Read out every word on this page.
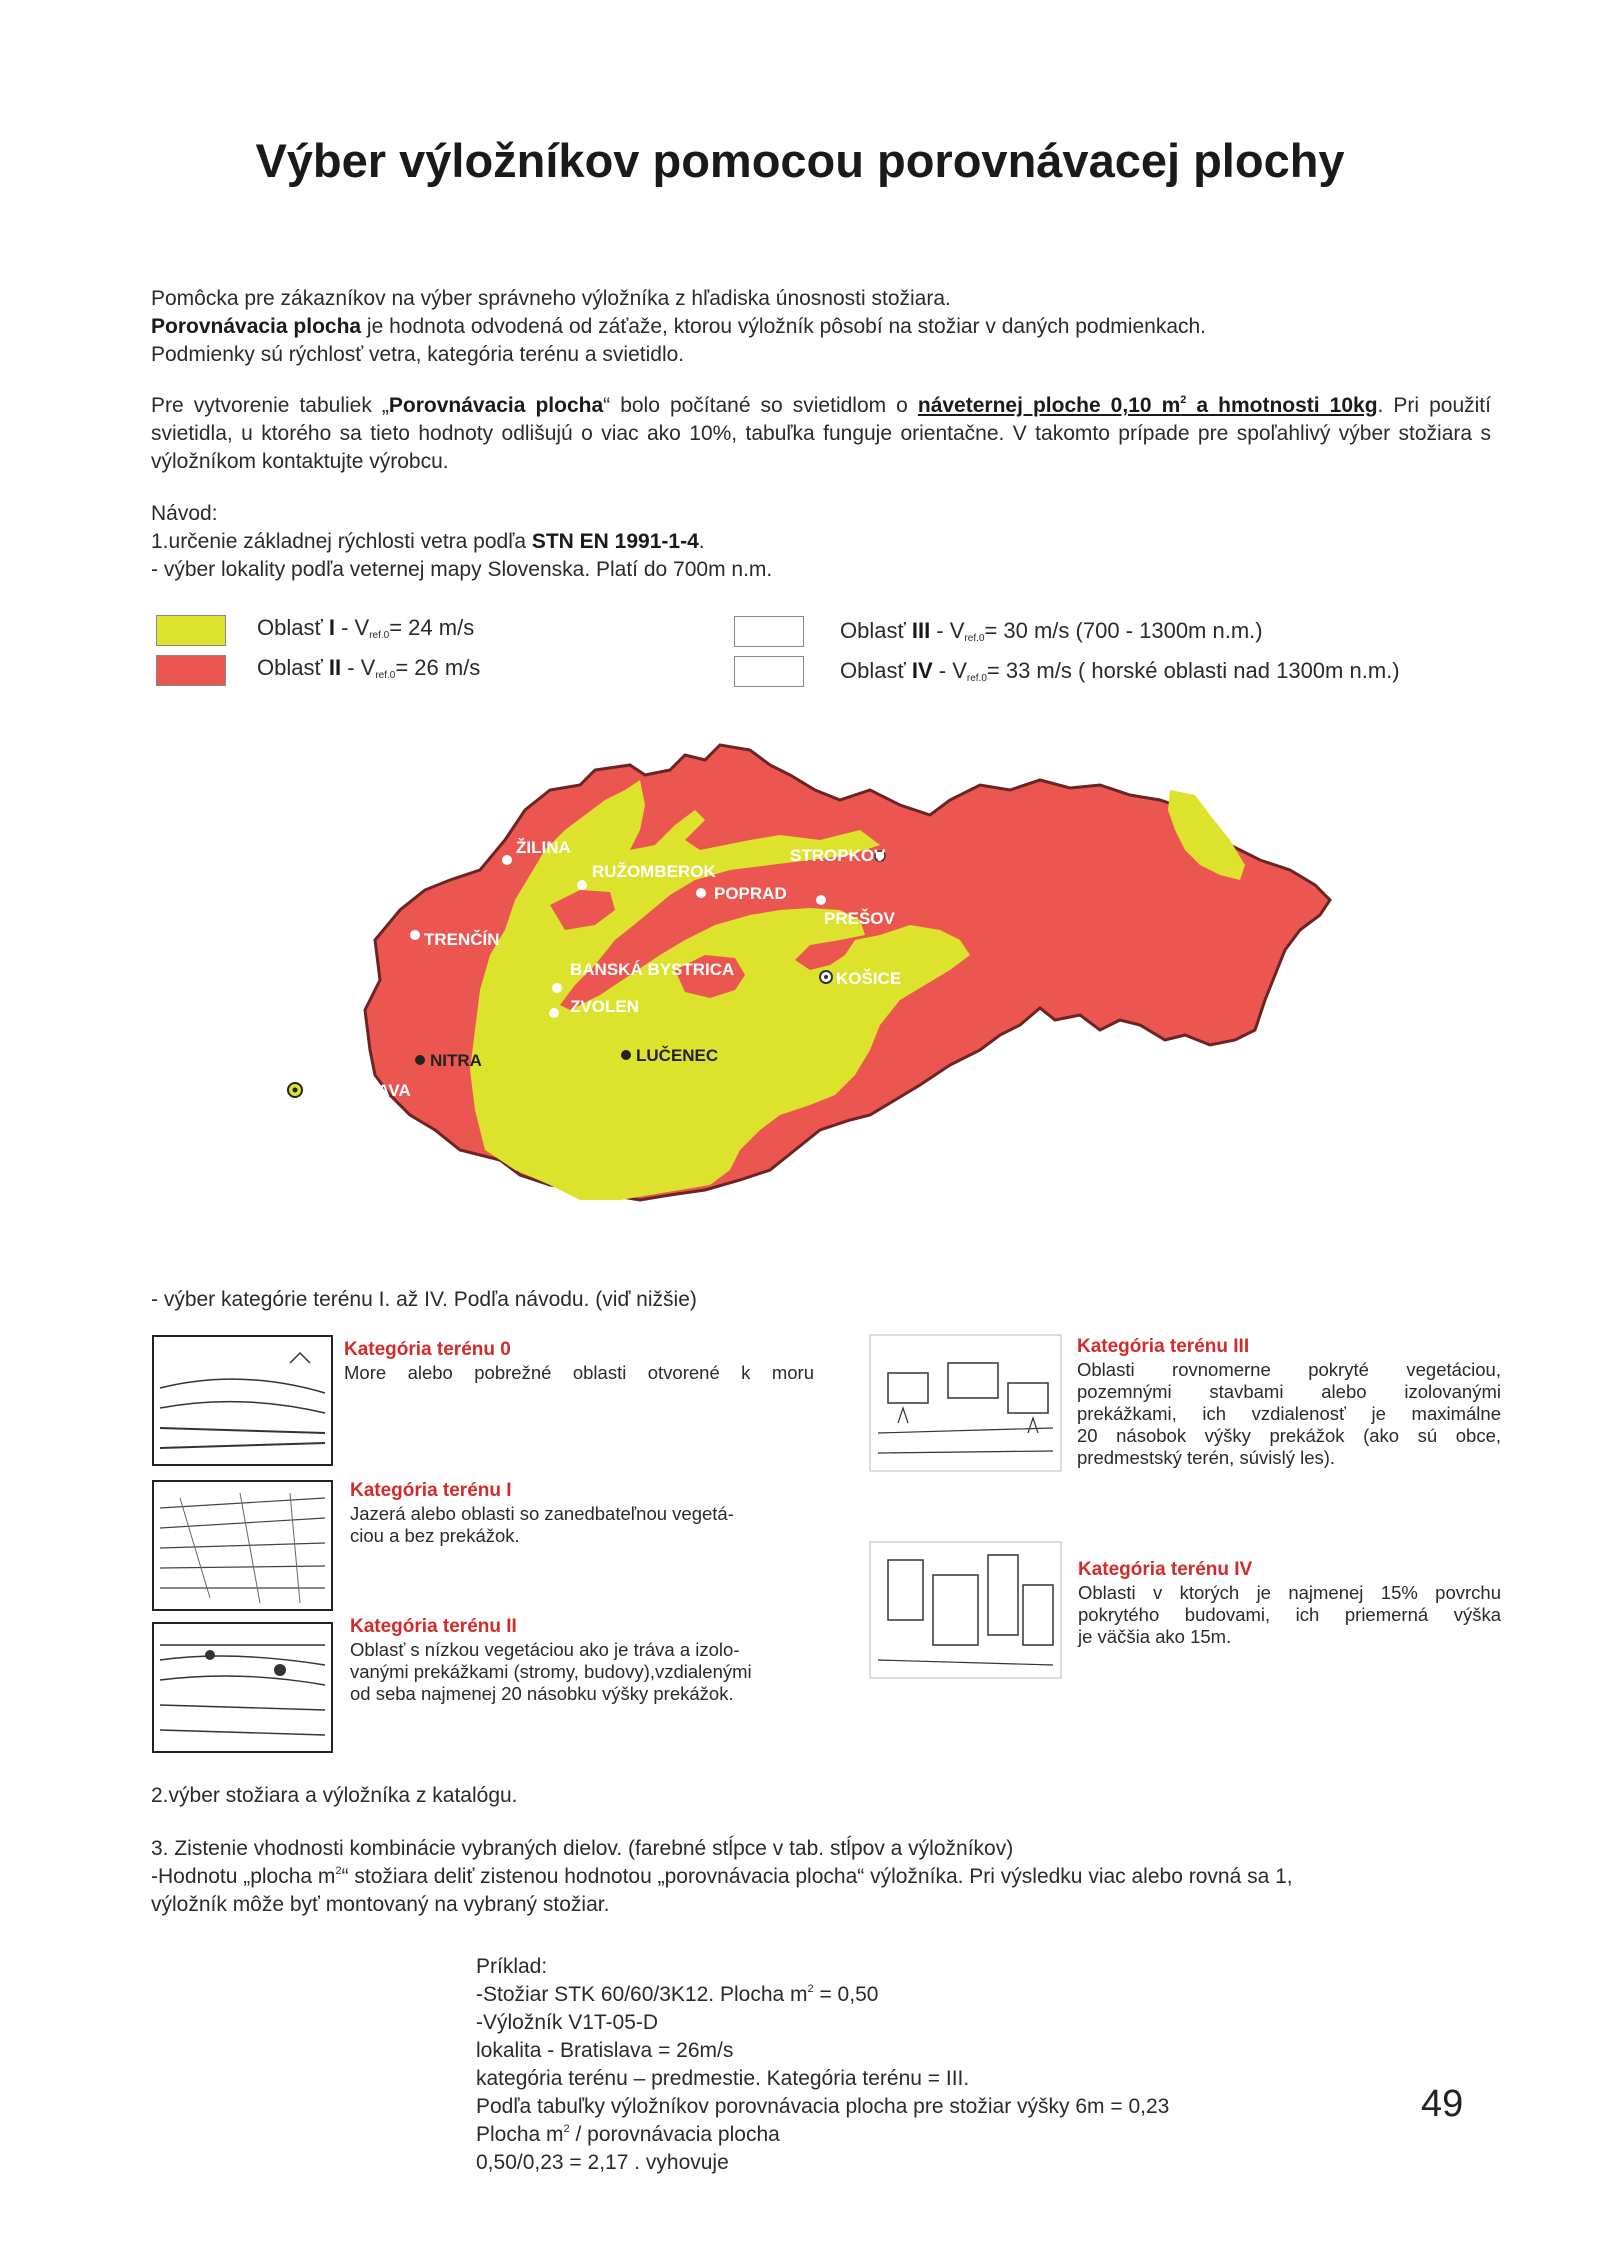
Výber výložníkov pomocou porovnávacej plochy
Pomôcka pre zákazníkov na výber správneho výložníka z hľadiska únosnosti stožiara.
Porovnávacia plocha je hodnota odvodená od záťaže, ktorou výložník pôsobí na stožiar v daných podmienkach.
Podmienky sú rýchlosť vetra, kategória terénu a svietidlo.
Pre vytvorenie tabuliek „Porovnávacia plocha“ bolo počítané so svietidlom o náveternej ploche 0,10 $m^2$ a hmotnosti 10kg. Pri použití svietidla, u ktorého sa tieto hodnoty odlišujú o viac ako 10%, tabuľka funguje orientačne. V takomto prípade pre spoľahlivý výber stožiara s výložníkom kontaktujte výrobcu.
Návod:
1.určenie základnej rýchlosti vetra podľa STN EN 1991-1-4.
- výber lokality podľa veternej mapy Slovenska. Platí do 700m n.m.
Oblasť $I - V_{ref.0}= 24$ m/s
Oblasť II - $V_{ref.0}= 26$ m/s
Oblasť III - $V_{ref.0}= 30$ m/s (700 - 1300m n.m.)
Oblasť IV - $V_{ref.0}= 33$ m/s ( horské oblasti nad 1300m n.m.)
ŽILINA
RUŽOMBEROK
POPRAD
STROPKOV
PREŠOV
TRENČÍN
BANSKÁ BYSTRICA	KOŠICE
ZVOLEN
TRNAVA
NITRA	LUČENEC
BRATISLAVA
- výber kategórie terénu I. až IV. Podľa návodu. (viď nižšie)
Kategória terénu 0
More alebo pobrežné oblasti otvorené k moru
Kategória terénu I
Jazerá alebo oblasti so zanedbateľnou vegetá-
ciou a bez prekážok.
Kategória terénu II
Oblasť s nízkou vegetáciou ako je tráva a izolo-
vanými prekážkami (stromy, budovy),vzdialenými
od seba najmenej 20 násobku výšky prekážok.
Kategória terénu III
Oblasti rovnomerne pokryté vegetáciou,
pozemnými stavbami alebo izolovanými
prekážkami, ich vzdialenosť je maximálne
20 násobok výšky prekážok (ako sú obce,
predmestský terén, súvislý les).
Kategória terénu IV
Oblasti v ktorých je najmenej 15% povrchu
pokrytého budovami, ich priemerná výška
je väčšia ako 15m.
2.výber stožiara a výložníka z katalógu.
3. Zistenie vhodnosti kombinácie vybraných dielov. (farebné stĺpce v tab. stĺpov a výložníkov)
-Hodnotu „plocha $m^2“$ stožiara deliť zistenou hodnotou „porovnávacia plocha“ výložníka. Pri výsledku viac alebo rovná sa 1,
výložník môže byť montovaný na vybraný stožiar.
Príklad:
-Stožiar STK 60/60/3K12. Plocha $m^2 = 0,50$
-Výložník V1T-05-D
lokalita - Bratislava = 26m/s
kategória terénu – predmestie. Kategória terénu = III.
Podľa tabuľky výložníkov porovnávacia plocha pre stožiar výšky 6m = 0,23
Plocha $m^2$ / porovnávacia plocha
0,50/0,23 = 2,17 . vyhovuje
49
